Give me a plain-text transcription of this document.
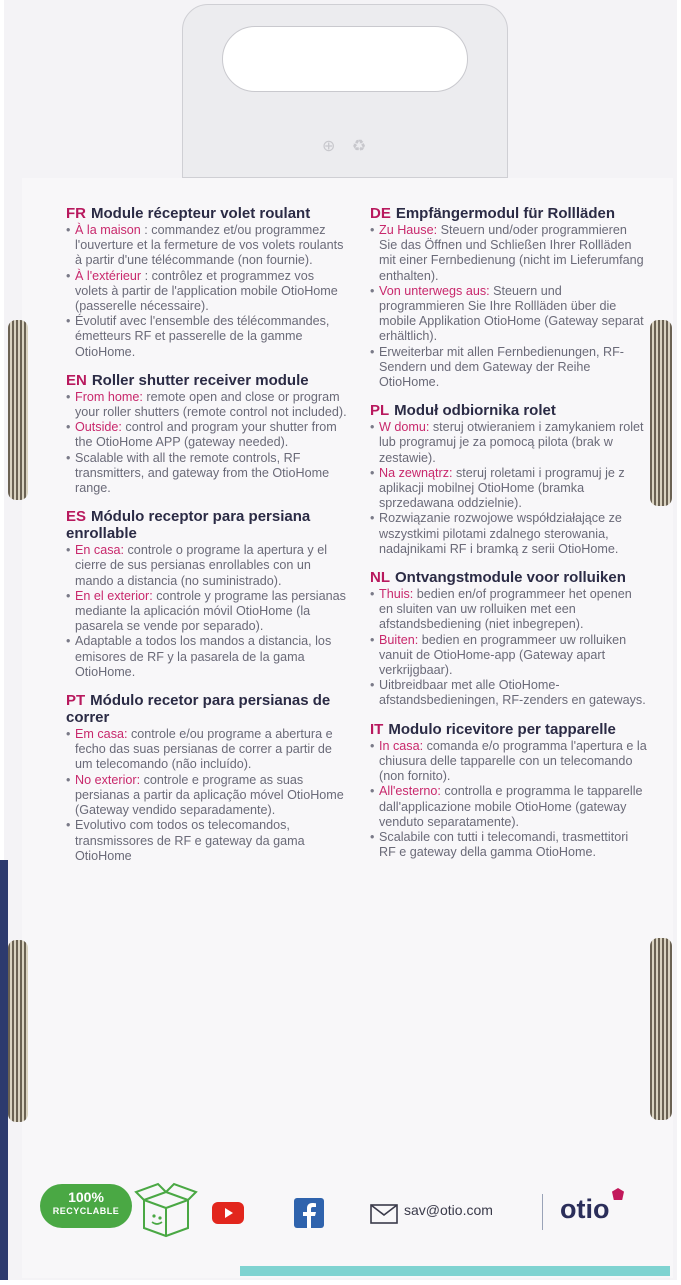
⊕ ♻
FR Module récepteur volet roulant
• À la maison : commandez et/ou programmez l'ouverture et la fermeture de vos volets roulants à partir d'une télécommande (non fournie).
• À l'extérieur : contrôlez et programmez vos volets à partir de l'application mobile OtioHome (passerelle nécessaire).
• Évolutif avec l'ensemble des télécommandes, émetteurs RF et passerelle de la gamme OtioHome.
EN Roller shutter receiver module
• From home: remote open and close or program your roller shutters (remote control not included).
• Outside: control and program your shutter from the OtioHome APP (gateway needed).
• Scalable with all the remote controls, RF transmitters, and gateway from the OtioHome range.
ES Módulo receptor para persiana enrollable
• En casa: controle o programe la apertura y el cierre de sus persianas enrollables con un mando a distancia (no suministrado).
• En el exterior: controle y programe las persianas mediante la aplicación móvil OtioHome (la pasarela se vende por separado).
• Adaptable a todos los mandos a distancia, los emisores de RF y la pasarela de la gama OtioHome.
PT Módulo recetor para persianas de correr
• Em casa: controle e/ou programe a abertura e fecho das suas persianas de correr a partir de um telecomando (não incluído).
• No exterior: controle e programe as suas persianas a partir da aplicação móvel OtioHome (Gateway vendido separadamente).
• Evolutivo com todos os telecomandos, transmissores de RF e gateway da gama OtioHome
DE Empfängermodul für Rollläden
• Zu Hause: Steuern und/oder programmieren Sie das Öffnen und Schließen Ihrer Rollläden mit einer Fernbedienung (nicht im Lieferumfang enthalten).
• Von unterwegs aus: Steuern und programmieren Sie Ihre Rollläden über die mobile Applikation OtioHome (Gateway separat erhältlich).
• Erweiterbar mit allen Fernbedienungen, RF-Sendern und dem Gateway der Reihe OtioHome.
PL Moduł odbiornika rolet
• W domu: steruj otwieraniem i zamykaniem rolet lub programuj je za pomocą pilota (brak w zestawie).
• Na zewnątrz: steruj roletami i programuj je z aplikacji mobilnej OtioHome (bramka sprzedawana oddzielnie).
• Rozwiązanie rozwojowe współdziałające ze wszystkimi pilotami zdalnego sterowania, nadajnikami RF i bramką z serii OtioHome.
NL Ontvangstmodule voor rolluiken
• Thuis: bedien en/of programmeer het openen en sluiten van uw rolluiken met een afstandsbediening (niet inbegrepen).
• Buiten: bedien en programmeer uw rolluiken vanuit de OtioHome-app (Gateway apart verkrijgbaar).
• Uitbreidbaar met alle OtioHome-afstandsbedieningen, RF-zenders en gateways.
IT Modulo ricevitore per tapparelle
• In casa: comanda e/o programma l'apertura e la chiusura delle tapparelle con un telecomando (non fornito).
• All'esterno: controlla e programma le tapparelle dall'applicazione mobile OtioHome (gateway venduto separatamente).
• Scalabile con tutti i telecomandi, trasmettitori RF e gateway della gamma OtioHome.
100%
RECYCLABLE	sav@otio.com otio
